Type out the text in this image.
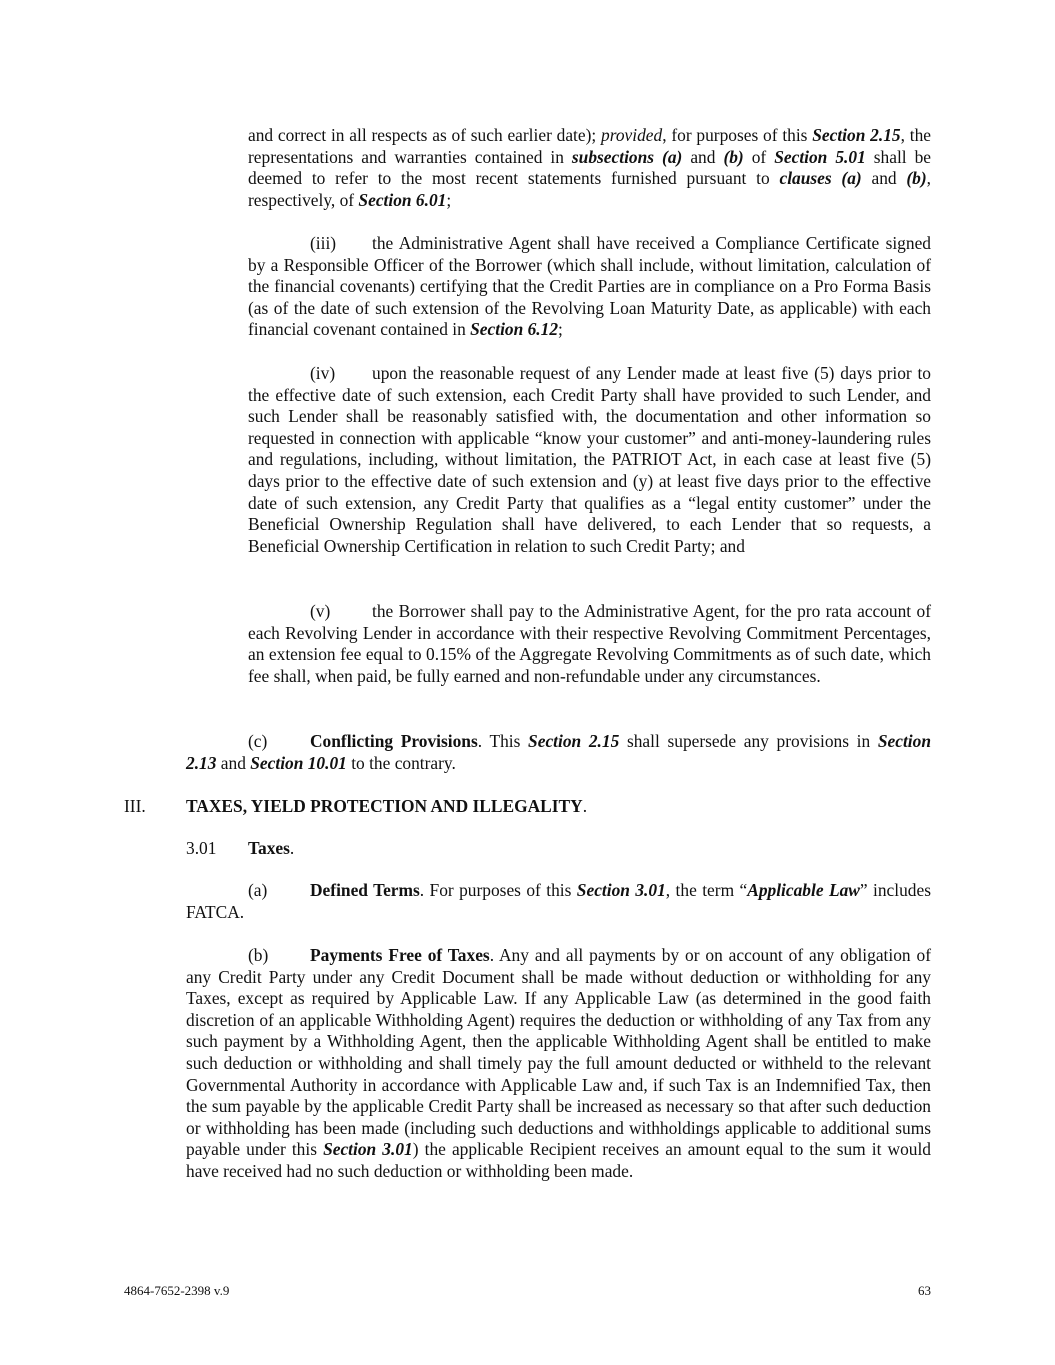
and correct in all respects as of such earlier date); provided, for purposes of this Section 2.15, the representations and warranties contained in subsections (a) and (b) of Section 5.01 shall be deemed to refer to the most recent statements furnished pursuant to clauses (a) and (b), respectively, of Section 6.01;

(iii) the Administrative Agent shall have received a Compliance Certificate signed by a Responsible Officer of the Borrower (which shall include, without limitation, calculation of the financial covenants) certifying that the Credit Parties are in compliance on a Pro Forma Basis (as of the date of such extension of the Revolving Loan Maturity Date, as applicable) with each financial covenant contained in Section 6.12;

(iv) upon the reasonable request of any Lender made at least five (5) days prior to the effective date of such extension, each Credit Party shall have provided to such Lender, and such Lender shall be reasonably satisfied with, the documentation and other information so requested in connection with applicable “know your customer” and anti-money-laundering rules and regulations, including, without limitation, the PATRIOT Act, in each case at least five (5) days prior to the effective date of such extension and (y) at least five days prior to the effective date of such extension, any Credit Party that qualifies as a “legal entity customer” under the Beneficial Ownership Regulation shall have delivered, to each Lender that so requests, a Beneficial Ownership Certification in relation to such Credit Party; and

(v) the Borrower shall pay to the Administrative Agent, for the pro rata account of each Revolving Lender in accordance with their respective Revolving Commitment Percentages, an extension fee equal to 0.15% of the Aggregate Revolving Commitments as of such date, which fee shall, when paid, be fully earned and non-refundable under any circumstances.

(c) Conflicting Provisions. This Section 2.15 shall supersede any provisions in Section 2.13 and Section 10.01 to the contrary.

III. TAXES, YIELD PROTECTION AND ILLEGALITY.

3.01 Taxes.

(a) Defined Terms. For purposes of this Section 3.01, the term “Applicable Law” includes FATCA.

(b) Payments Free of Taxes. Any and all payments by or on account of any obligation of any Credit Party under any Credit Document shall be made without deduction or withholding for any Taxes, except as required by Applicable Law. If any Applicable Law (as determined in the good faith discretion of an applicable Withholding Agent) requires the deduction or withholding of any Tax from any such payment by a Withholding Agent, then the applicable Withholding Agent shall be entitled to make such deduction or withholding and shall timely pay the full amount deducted or withheld to the relevant Governmental Authority in accordance with Applicable Law and, if such Tax is an Indemnified Tax, then the sum payable by the applicable Credit Party shall be increased as necessary so that after such deduction or withholding has been made (including such deductions and withholdings applicable to additional sums payable under this Section 3.01) the applicable Recipient receives an amount equal to the sum it would have received had no such deduction or withholding been made.

4864-7652-2398 v.9	63
